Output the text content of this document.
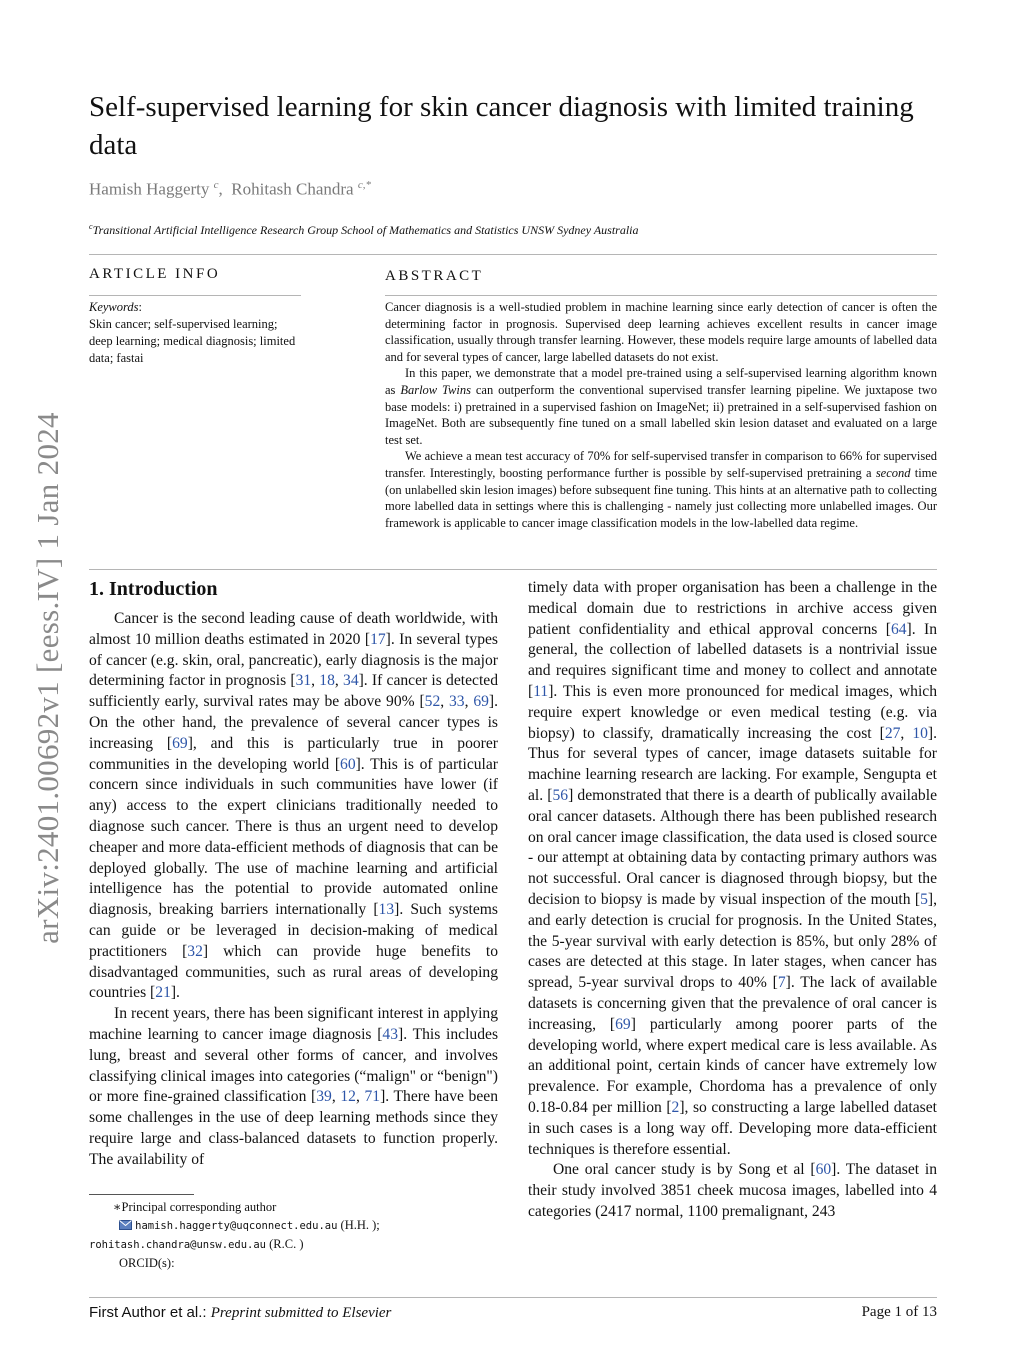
arXiv:2401.00692v1 [eess.IV] 1 Jan 2024
Self-supervised learning for skin cancer diagnosis with limited training data
Hamish Haggerty $^c$,  Rohitash Chandra $^{c,*}$
$^c$Transitional Artificial Intelligence Research Group School of Mathematics and Statistics UNSW Sydney Australia
ARTICLE INFO	ABSTRACT
Keywords:
Skin cancer; self-supervised learning; deep learning; medical diagnosis; limited data; fastai

Cancer diagnosis is a well-studied problem in machine learning since early detection of cancer is often the determining factor in prognosis. Supervised deep learning achieves excellent results in cancer image classification, usually through transfer learning. However, these models require large amounts of labelled data and for several types of cancer, large labelled datasets do not exist.

In this paper, we demonstrate that a model pre-trained using a self-supervised learning algorithm known as Barlow Twins can outperform the conventional supervised transfer learning pipeline. We juxtapose two base models: i) pretrained in a supervised fashion on ImageNet; ii) pretrained in a self-supervised fashion on ImageNet. Both are subsequently fine tuned on a small labelled skin lesion dataset and evaluated on a large test set.

We achieve a mean test accuracy of 70% for self-supervised transfer in comparison to 66% for supervised transfer. Interestingly, boosting performance further is possible by self-supervised pretraining a second time (on unlabelled skin lesion images) before subsequent fine tuning. This hints at an alternative path to collecting more labelled data in settings where this is challenging - namely just collecting more unlabelled images. Our framework is applicable to cancer image classification models in the low-labelled data regime.

1. Introduction

Cancer is the second leading cause of death worldwide, with almost 10 million deaths estimated in 2020 [17]. In several types of cancer (e.g. skin, oral, pancreatic), early diagnosis is the major determining factor in prognosis [31, 18, 34]. If cancer is detected sufficiently early, survival rates may be above 90% [52, 33, 69]. On the other hand, the prevalence of several cancer types is increasing [69], and this is particularly true in poorer communities in the developing world [60]. This is of particular concern since individuals in such communities have lower (if any) access to the expert clinicians traditionally needed to diagnose such cancer. There is thus an urgent need to develop cheaper and more data-efficient methods of diagnosis that can be deployed globally. The use of machine learning and artificial intelligence has the potential to provide automated online diagnosis, breaking barriers internationally [13]. Such systems can guide or be leveraged in decision-making of medical practitioners [32] which can provide huge benefits to disadvantaged communities, such as rural areas of developing countries [21].

In recent years, there has been significant interest in applying machine learning to cancer image diagnosis [43]. This includes lung, breast and several other forms of cancer, and involves classifying clinical images into categories (“malign" or “benign") or more fine-grained classification [39, 12, 71]. There have been some challenges in the use of deep learning methods since they require large and class-balanced datasets to function properly. The availability of

timely data with proper organisation has been a challenge in the medical domain due to restrictions in archive access given patient confidentiality and ethical approval concerns [64]. In general, the collection of labelled datasets is a nontrivial issue and requires significant time and money to collect and annotate [11]. This is even more pronounced for medical images, which require expert knowledge or even medical testing (e.g. via biopsy) to classify, dramatically increasing the cost [27, 10]. Thus for several types of cancer, image datasets suitable for machine learning research are lacking. For example, Sengupta et al. [56] demonstrated that there is a dearth of publically available oral cancer datasets. Although there has been published research on oral cancer image classification, the data used is closed source - our attempt at obtaining data by contacting primary authors was not successful. Oral cancer is diagnosed through biopsy, but the decision to biopsy is made by visual inspection of the mouth [5], and early detection is crucial for prognosis. In the United States, the 5-year survival with early detection is 85%, but only 28% of cases are detected at this stage. In later stages, when cancer has spread, 5-year survival drops to 40% [7]. The lack of available datasets is concerning given that the prevalence of oral cancer is increasing, [69] particularly among poorer parts of the developing world, where expert medical care is less available. As an additional point, certain kinds of cancer have extremely low prevalence. For example, Chordoma has a prevalence of only 0.18-0.84 per million [2], so constructing a large labelled dataset in such cases is a long way off. Developing more data-efficient techniques is therefore essential.

One oral cancer study is by Song et al [60]. The dataset in their study involved 3851 cheek mucosa images, labelled into 4 categories (2417 normal, 1100 premalignant, 243

∗Principal corresponding author
hamish.haggerty@uqconnect.edu.au (H.H. );
rohitash.chandra@unsw.edu.au (R.C. )
ORCID(s):
First Author et al.: Preprint submitted to Elsevier	Page 1 of 13
